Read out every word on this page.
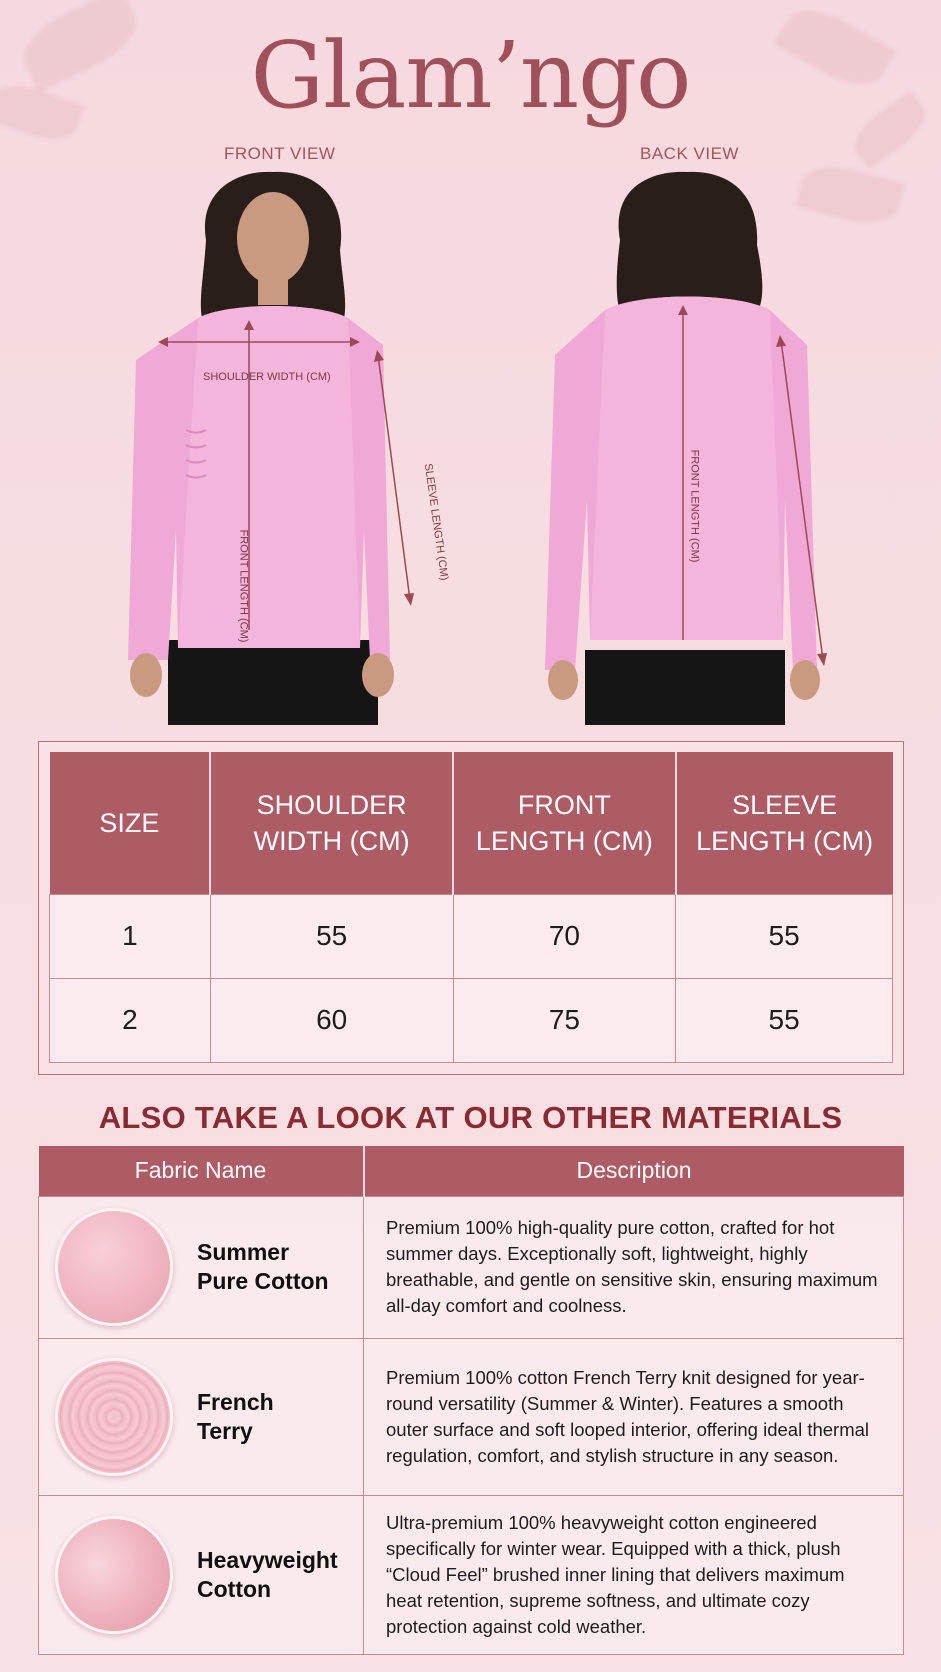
Glam’ngo
FRONT VIEW	BACK VIEW
SHOULDER WIDTH (CM)
FRONT LENGTH (CM)
SLEEVE LENGTH (CM)	FRONT LENGTH (CM)
SIZE	SHOULDER WIDTH (CM)	FRONT LENGTH (CM)	SLEEVE LENGTH (CM)
1	55	70	55
2	60	75	55
ALSO TAKE A LOOK AT OUR OTHER MATERIALS
Fabric Name	Description

Summer
Pure Cotton	Premium 100% high-quality pure cotton, crafted for hot summer days. Exceptionally soft, lightweight, highly breathable, and gentle on sensitive skin, ensuring maximum all-day comfort and coolness.

French
Terry	Premium 100% cotton French Terry knit designed for year-round versatility (Summer & Winter). Features a smooth outer surface and soft looped interior, offering ideal thermal regulation, comfort, and stylish structure in any season.

Heavyweight
Cotton	Ultra-premium 100% heavyweight cotton engineered specifically for winter wear. Equipped with a thick, plush “Cloud Feel” brushed inner lining that delivers maximum heat retention, supreme softness, and ultimate cozy protection against cold weather.
